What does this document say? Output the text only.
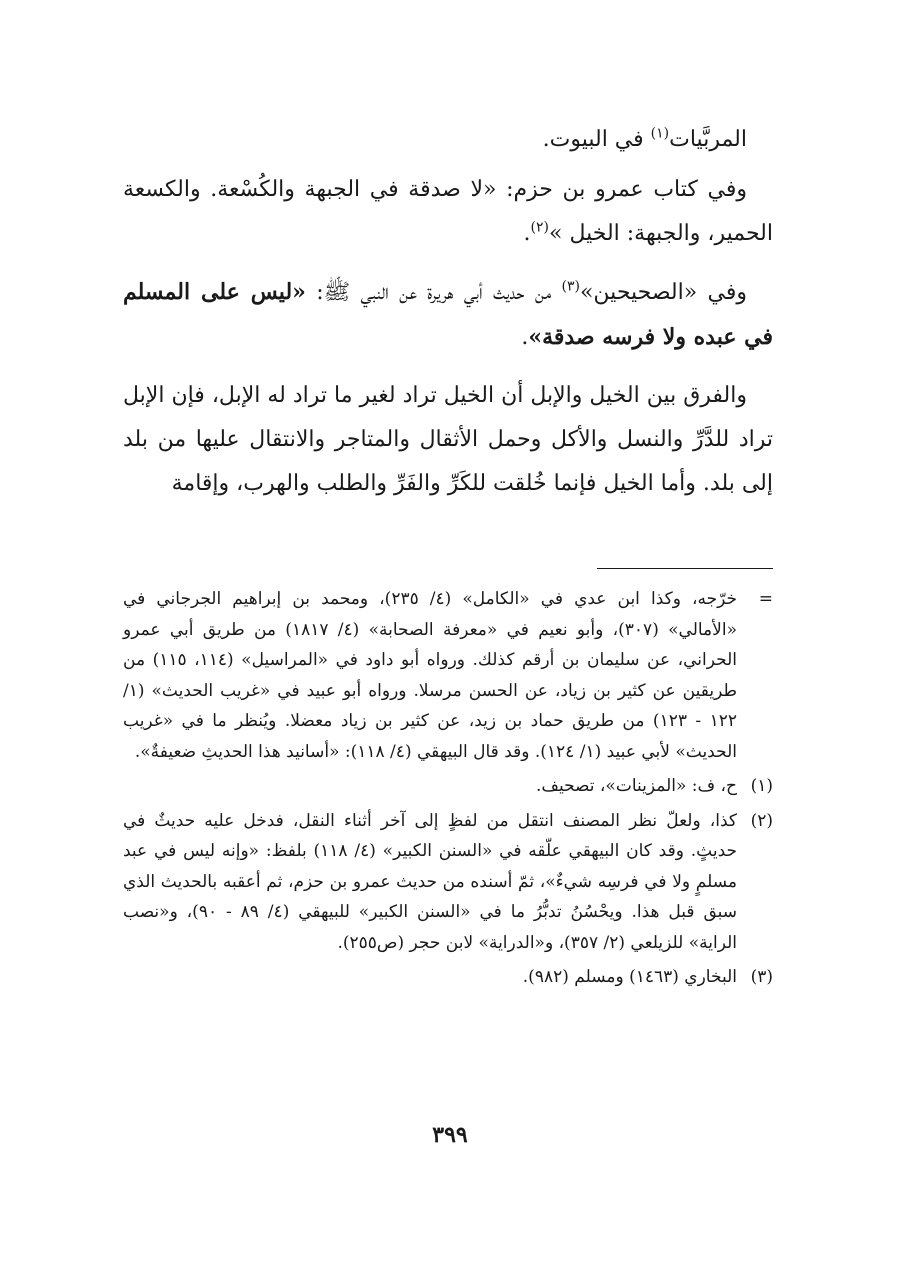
المربَّيات$^{(١)}$ في البيوت.

وفي كتاب عمرو بن حزم: «لا صدقة في الجبهة والكُسْعة. والكسعة الحمير، والجبهة: الخيل »$^{(٢)}$.

وفي «الصحيحين»$^{(٣)}$ من حديث أبي هريرة عن النبي ﷺ: «ليس على المسلم في عبده ولا فرسه صدقة».

والفرق بين الخيل والإبل أن الخيل تراد لغير ما تراد له الإبل، فإن الإبل تراد للدَّرِّ والنسل والأكل وحمل الأثقال والمتاجر والانتقال عليها من بلد إلى بلد. وأما الخيل فإنما خُلقت للكَرِّ والفَرِّ والطلب والهرب، وإقامة

=
خرّجه، وكذا ابن عدي في «الكامل» (٤/ ٢٣٥)، ومحمد بن إبراهيم الجرجاني في «الأمالي» (٣٠٧)، وأبو نعيم في «معرفة الصحابة» (٤/ ١٨١٧) من طريق أبي عمرو الحراني، عن سليمان بن أرقم كذلك. ورواه أبو داود في «المراسيل» (١١٤، ١١٥) من طريقين عن كثير بن زياد، عن الحسن مرسلا. ورواه أبو عبيد في «غريب الحديث» (١/ ١٢٢ - ١٢٣) من طريق حماد بن زيد، عن كثير بن زياد معضلا. ويُنظر ما في «غريب الحديث» لأبي عبيد (١/ ١٢٤). وقد قال البيهقي (٤/ ١١٨): «أسانيد هذا الحديثِ ضعيفةٌ».

(١)
ح، ف: «المزينات»، تصحيف.

(٢)
كذا، ولعلّ نظر المصنف انتقل من لفظٍ إلى آخر أثناء النقل، فدخل عليه حديثٌ في حديثٍ. وقد كان البيهقي علّقه في «السنن الكبير» (٤/ ١١٨) بلفظ: «وإنه ليس في عبد مسلمٍ ولا في فرسِه شيءٌ»، ثمّ أسنده من حديث عمرو بن حزم، ثم أعقبه بالحديث الذي سبق قبل هذا. ويحْسُنُ تدبُّرُ ما في «السنن الكبير» للبيهقي (٤/ ٨٩ - ٩٠)، و«نصب الراية» للزيلعي (٢/ ٣٥٧)، و«الدراية» لابن حجر (ص٢٥٥).

(٣)
البخاري (١٤٦٣) ومسلم (٩٨٢).

٣٩٩
